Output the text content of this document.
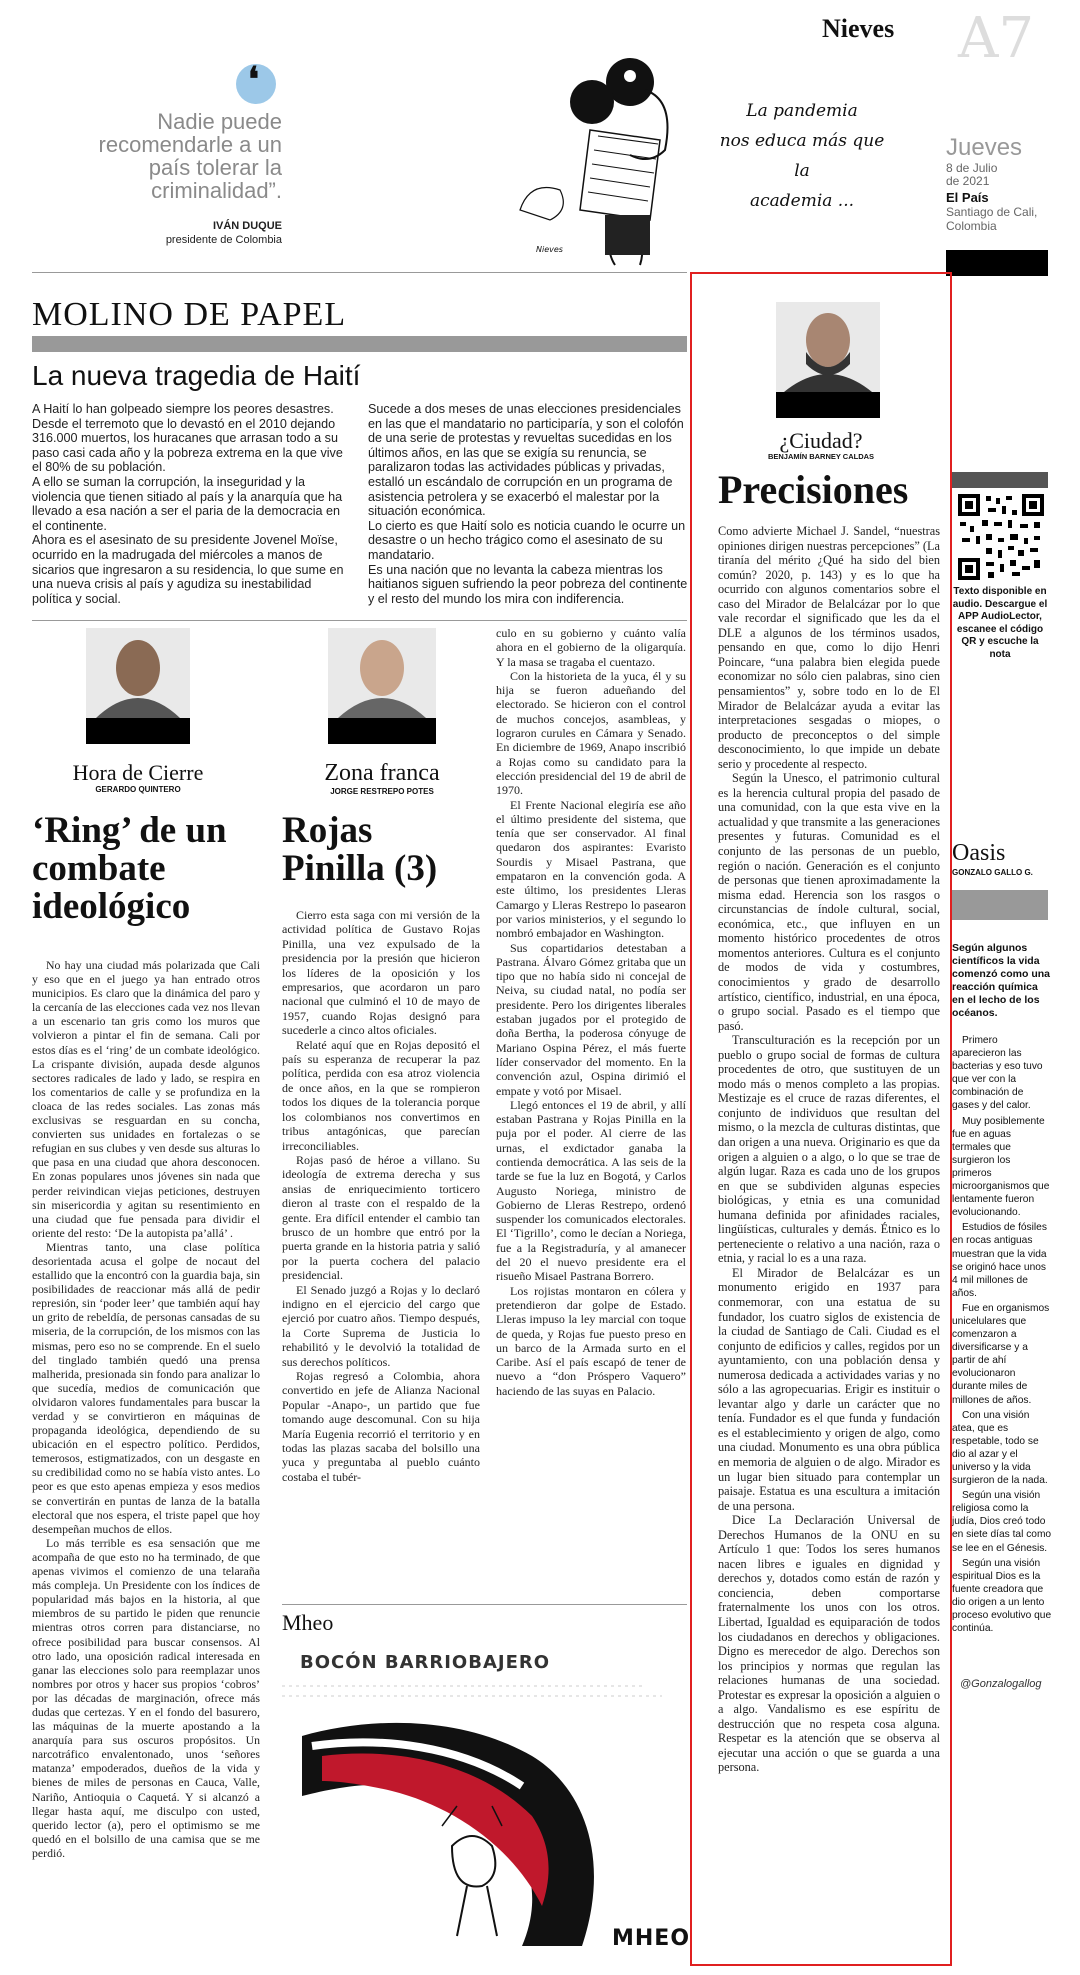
❛
Nadie puede recomendarle a un país tolerar la criminalidad”.
IVÁN DUQUE
presidente de Colombia
Nieves
La pandemia
nos educa más que
la
academia ...
Nieves A7
Jueves
8 de Julio
de 2021
El País
Santiago de Cali,
Colombia
MOLINO DE PAPEL
La nueva tragedia de Haití

A Haití lo han golpeado siempre los peores desastres. Desde el terremoto que lo devastó en el 2010 dejando 316.000 muertos, los huracanes que arrasan todo a su paso casi cada año y la pobreza extrema en la que vive el 80% de su población.

A ello se suman la corrupción, la inseguridad y la violencia que tienen sitiado al país y la anarquía que ha llevado a esa nación a ser el paria de la democracia en el continente.

Ahora es el asesinato de su presidente Jovenel Moïse, ocurrido en la madrugada del miércoles a manos de sicarios que ingresaron a su residencia, lo que sume en una nueva crisis al país y agudiza su inestabilidad política y social.

Sucede a dos meses de unas elecciones presidenciales en las que el mandatario no participaría, y son el colofón de una serie de protestas y revueltas sucedidas en los últimos años, en las que se exigía su renuncia, se paralizaron todas las actividades públicas y privadas, estalló un escándalo de corrupción en un programa de asistencia petrolera y se exacerbó el malestar por la situación económica.

Lo cierto es que Haití solo es noticia cuando le ocurre un desastre o un hecho trágico como el asesinato de su mandatario.

Es una nación que no levanta la cabeza mientras los haitianos siguen sufriendo la peor pobreza del continente y el resto del mundo los mira con indiferencia.

Hora de Cierre
GERARDO QUINTERO
‘Ring’ de un combate ideológico

No hay una ciudad más polarizada que Cali y eso que en el juego ya han entrado otros municipios. Es claro que la dinámica del paro y la cercanía de las elecciones cada vez nos llevan a un escenario tan gris como los muros que volvieron a pintar el fin de semana. Cali por estos días es el ‘ring’ de un combate ideológico. La crispante división, aupada desde algunos sectores radicales de lado y lado, se respira en los comentarios de calle y se profundiza en la cloaca de las redes sociales. Las zonas más exclusivas se resguardan en su concha, convierten sus unidades en fortalezas o se refugian en sus clubes y ven desde sus alturas lo que pasa en una ciudad que ahora desconocen. En zonas populares unos jóvenes sin nada que perder reivindican viejas peticiones, destruyen sin misericordia y agitan su resentimiento en una ciudad que fue pensada para dividir el oriente del resto: ‘De la autopista pa’allá’ .

Mientras tanto, una clase política desorientada acusa el golpe de nocaut del estallido que la encontró con la guardia baja, sin posibilidades de reaccionar más allá de pedir represión, sin ‘poder leer’ que también aquí hay un grito de rebeldía, de personas cansadas de su miseria, de la corrupción, de los mismos con las mismas, pero eso no se comprende. En el suelo del tinglado también quedó una prensa malherida, presionada sin fondo para analizar lo que sucedía, medios de comunicación que olvidaron valores fundamentales para buscar la verdad y se convirtieron en máquinas de propaganda ideológica, dependiendo de su ubicación en el espectro político. Perdidos, temerosos, estigmatizados, con un desgaste en su credibilidad como no se había visto antes. Lo peor es que esto apenas empieza y esos medios se convertirán en puntas de lanza de la batalla electoral que nos espera, el triste papel que hoy desempeñan muchos de ellos.

Lo más terrible es esa sensación que me acompaña de que esto no ha terminado, de que apenas vivimos el comienzo de una telaraña más compleja. Un Presidente con los índices de popularidad más bajos en la historia, al que miembros de su partido le piden que renuncie mientras otros corren para distanciarse, no ofrece posibilidad para buscar consensos. Al otro lado, una oposición radical interesada en ganar las elecciones solo para reemplazar unos nombres por otros y hacer sus propios ‘cobros’ por las décadas de marginación, ofrece más dudas que certezas. Y en el fondo del basurero, las máquinas de la muerte apostando a la anarquía para sus oscuros propósitos. Un narcotráfico envalentonado, unos ‘señores matanza’ empoderados, dueños de la vida y bienes de miles de personas en Cauca, Valle, Nariño, Antioquia o Caquetá. Y si alcanzó a llegar hasta aquí, me disculpo con usted, querido lector (a), pero el optimismo se me quedó en el bolsillo de una camisa que se me perdió.

Zona franca
JORGE RESTREPO POTES
Rojas Pinilla (3)

Cierro esta saga con mi versión de la actividad política de Gustavo Rojas Pinilla, una vez expulsado de la presidencia por la presión que hicieron los líderes de la oposición y los empresarios, que acordaron un paro nacional que culminó el 10 de mayo de 1957, cuando Rojas designó para sucederle a cinco altos oficiales.

Relaté aquí que en Rojas depositó el país su esperanza de recuperar la paz política, perdida con esa atroz violencia de once años, en la que se rompieron todos los diques de la tolerancia porque los colombianos nos convertimos en tribus antagónicas, que parecían irreconciliables.

Rojas pasó de héroe a villano. Su ideología de extrema derecha y sus ansias de enriquecimiento torticero dieron al traste con el respaldo de la gente. Era difícil entender el cambio tan brusco de un hombre que entró por la puerta grande en la historia patria y salió por la puerta cochera del palacio presidencial.

El Senado juzgó a Rojas y lo declaró indigno en el ejercicio del cargo que ejerció por cuatro años. Tiempo después, la Corte Suprema de Justicia lo rehabilitó y le devolvió la totalidad de sus derechos políticos.

Rojas regresó a Colombia, ahora convertido en jefe de Alianza Nacional Popular -Anapo-, un partido que fue tomando auge descomunal. Con su hija María Eugenia recorrió el territorio y en todas las plazas sacaba del bolsillo una yuca y preguntaba al pueblo cuánto costaba el tubér-

culo en su gobierno y cuánto valía ahora en el gobierno de la oligarquía. Y la masa se tragaba el cuentazo.

Con la historieta de la yuca, él y su hija se fueron adueñando del electorado. Se hicieron con el control de muchos concejos, asambleas, y lograron curules en Cámara y Senado. En diciembre de 1969, Anapo inscribió a Rojas como su candidato para la elección presidencial del 19 de abril de 1970.

El Frente Nacional elegiría ese año el último presidente del sistema, que tenía que ser conservador. Al final quedaron dos aspirantes: Evaristo Sourdis y Misael Pastrana, que empataron en la convención goda. A este último, los presidentes Lleras Camargo y Lleras Restrepo lo pasearon por varios ministerios, y el segundo lo nombró embajador en Washington.

Sus copartidarios detestaban a Pastrana. Álvaro Gómez gritaba que un tipo que no había sido ni concejal de Neiva, su ciudad natal, no podía ser presidente. Pero los dirigentes liberales estaban jugados por el protegido de doña Bertha, la poderosa cónyuge de Mariano Ospina Pérez, el más fuerte líder conservador del momento. En la convención azul, Ospina dirimió el empate y votó por Misael.

Llegó entonces el 19 de abril, y allí estaban Pastrana y Rojas Pinilla en la puja por el poder. Al cierre de las urnas, el exdictador ganaba la contienda democrática. A las seis de la tarde se fue la luz en Bogotá, y Carlos Augusto Noriega, ministro de Gobierno de Lleras Restrepo, ordenó suspender los comunicados electorales. El ‘Tigrillo’, como le decían a Noriega, fue a la Registraduría, y al amanecer del 20 el nuevo presidente era el risueño Misael Pastrana Borrero.

Los rojistas montaron en cólera y pretendieron dar golpe de Estado. Lleras impuso la ley marcial con toque de queda, y Rojas fue puesto preso en un barco de la Armada surto en el Caribe. Así el país escapó de tener de nuevo a “don Próspero Vaquero” haciendo de las suyas en Palacio.

Mheo
BOCÓN BARRIOBAJERO
MHEO
¿Ciudad?
BENJAMÍN BARNEY CALDAS
Precisiones

Como advierte Michael J. Sandel, “nuestras opiniones dirigen nuestras percepciones” (La tiranía del mérito ¿Qué ha sido del bien común? 2020, p. 143) y es lo que ha ocurrido con algunos comentarios sobre el caso del Mirador de Belalcázar por lo que vale recordar el significado que les da el DLE a algunos de los términos usados, pensando en que, como lo dijo Henri Poincare, “una palabra bien elegida puede economizar no sólo cien palabras, sino cien pensamientos” y, sobre todo en lo de El Mirador de Belalcázar ayuda a evitar las interpretaciones sesgadas o miopes, o producto de preconceptos o del simple desconocimiento, lo que impide un debate serio y procedente al respecto.

Según la Unesco, el patrimonio cultural es la herencia cultural propia del pasado de una comunidad, con la que esta vive en la actualidad y que transmite a las generaciones presentes y futuras. Comunidad es el conjunto de las personas de un pueblo, región o nación. Generación es el conjunto de personas que tienen aproximadamente la misma edad. Herencia son los rasgos o circunstancias de índole cultural, social, económica, etc., que influyen en un momento histórico procedentes de otros momentos anteriores. Cultura es el conjunto de modos de vida y costumbres, conocimientos y grado de desarrollo artístico, científico, industrial, en una época, o grupo social. Pasado es el tiempo que pasó.

Transculturación es la recepción por un pueblo o grupo social de formas de cultura procedentes de otro, que sustituyen de un modo más o menos completo a las propias. Mestizaje es el cruce de razas diferentes, el conjunto de individuos que resultan del mismo, o la mezcla de culturas distintas, que dan origen a una nueva. Originario es que da origen a alguien o a algo, o lo que se trae de algún lugar. Raza es cada uno de los grupos en que se subdividen algunas especies biológicas, y etnia es una comunidad humana definida por afinidades raciales, lingüísticas, culturales y demás. Étnico es lo perteneciente o relativo a una nación, raza o etnia, y racial lo es a una raza.

El Mirador de Belalcázar es un monumento erigido en 1937 para conmemorar, con una estatua de su fundador, los cuatro siglos de existencia de la ciudad de Santiago de Cali. Ciudad es el conjunto de edificios y calles, regidos por un ayuntamiento, con una población densa y numerosa dedicada a actividades varias y no sólo a las agropecuarias. Erigir es instituir o levantar algo y darle un carácter que no tenía. Fundador es el que funda y fundación es el establecimiento y origen de algo, como una ciudad. Monumento es una obra pública en memoria de alguien o de algo. Mirador es un lugar bien situado para contemplar un paisaje. Estatua es una escultura a imitación de una persona.

Dice La Declaración Universal de Derechos Humanos de la ONU en su Artículo 1 que: Todos los seres humanos nacen libres e iguales en dignidad y derechos y, dotados como están de razón y conciencia, deben comportarse fraternalmente los unos con los otros. Libertad, Igualdad es equiparación de todos los ciudadanos en derechos y obligaciones. Digno es merecedor de algo. Derechos son los principios y normas que regulan las relaciones humanas de una sociedad. Protestar es expresar la oposición a alguien o a algo. Vandalismo es ese espíritu de destrucción que no respeta cosa alguna. Respetar es la atención que se observa al ejecutar una acción o que se guarda a una persona.

Texto disponible en audio. Descargue el APP AudioLector, escanee el código QR y escuche la nota
Oasis
GONZALO GALLO G.
Según algunos científicos la vida comenzó como una reacción química en el lecho de los océanos.

Primero aparecieron las bacterias y eso tuvo que ver con la combinación de gases y del calor.

Muy posiblemente fue en aguas termales que surgieron los primeros microorganismos que lentamente fueron evolucionando.

Estudios de fósiles en rocas antiguas muestran que la vida se originó hace unos 4 mil millones de años.

Fue en organismos unicelulares que comenzaron a diversificarse y a partir de ahí evolucionaron durante miles de millones de años.

Con una visión atea, que es respetable, todo se dio al azar y el universo y la vida surgieron de la nada.

Según una visión religiosa como la judía, Dios creó todo en siete días tal como se lee en el Génesis.

Según una visión espiritual Dios es la fuente creadora que dio origen a un lento proceso evolutivo que continúa.

@Gonzalogallog
